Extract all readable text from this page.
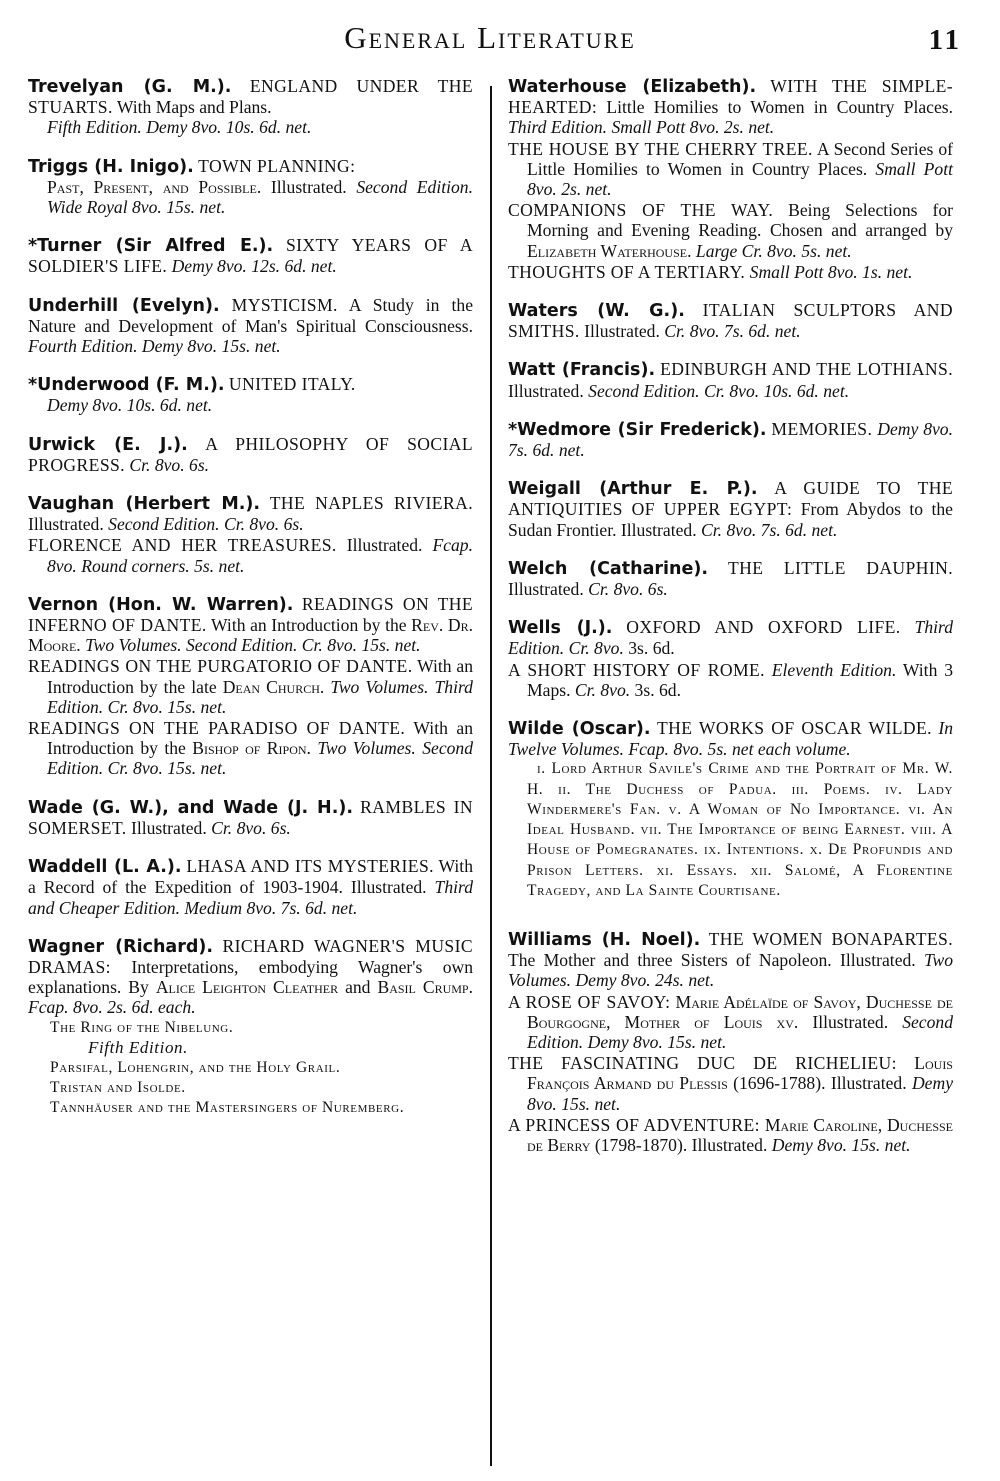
General Literature	11

Trevelyan (G. M.). ENGLAND UNDER THE STUARTS. With Maps and Plans.

Fifth Edition. Demy 8vo. 10s. 6d. net.

Triggs (H. Inigo). TOWN PLANNING:

Past, Present, and Possible. Illustrated. Second Edition. Wide Royal 8vo. 15s. net.

*Turner (Sir Alfred E.). SIXTY YEARS OF A SOLDIER'S LIFE. Demy 8vo. 12s. 6d. net.

Underhill (Evelyn). MYSTICISM. A Study in the Nature and Development of Man's Spiritual Consciousness. Fourth Edition. Demy 8vo. 15s. net.

*Underwood (F. M.). UNITED ITALY.

Demy 8vo. 10s. 6d. net.

Urwick (E. J.). A PHILOSOPHY OF SOCIAL PROGRESS. Cr. 8vo. 6s.

Vaughan (Herbert M.). THE NAPLES RIVIERA. Illustrated. Second Edition. Cr. 8vo. 6s.

FLORENCE AND HER TREASURES. Illustrated. Fcap. 8vo. Round corners. 5s. net.

Vernon (Hon. W. Warren). READINGS ON THE INFERNO OF DANTE. With an Introduction by the Rev. Dr. Moore. Two Volumes. Second Edition. Cr. 8vo. 15s. net.

READINGS ON THE PURGATORIO OF DANTE. With an Introduction by the late Dean Church. Two Volumes. Third Edition. Cr. 8vo. 15s. net.

READINGS ON THE PARADISO OF DANTE. With an Introduction by the Bishop of Ripon. Two Volumes. Second Edition. Cr. 8vo. 15s. net.

Wade (G. W.), and Wade (J. H.). RAMBLES IN SOMERSET. Illustrated. Cr. 8vo. 6s.

Waddell (L. A.). LHASA AND ITS MYSTERIES. With a Record of the Expedition of 1903-1904. Illustrated. Third and Cheaper Edition. Medium 8vo. 7s. 6d. net.

Wagner (Richard). RICHARD WAGNER'S MUSIC DRAMAS: Interpretations, embodying Wagner's own explanations. By Alice Leighton Cleather and Basil Crump. Fcap. 8vo. 2s. 6d. each.

The Ring of the Nibelung.

Fifth Edition.

Parsifal, Lohengrin, and the Holy Grail.

Tristan and Isolde.

Tannhäuser and the Mastersingers of Nuremberg.

Waterhouse (Elizabeth). WITH THE SIMPLE-HEARTED: Little Homilies to Women in Country Places. Third Edition. Small Pott 8vo. 2s. net.

THE HOUSE BY THE CHERRY TREE. A Second Series of Little Homilies to Women in Country Places. Small Pott 8vo. 2s. net.

COMPANIONS OF THE WAY. Being Selections for Morning and Evening Reading. Chosen and arranged by Elizabeth Waterhouse. Large Cr. 8vo. 5s. net.

THOUGHTS OF A TERTIARY. Small Pott 8vo. 1s. net.

Waters (W. G.). ITALIAN SCULPTORS AND SMITHS. Illustrated. Cr. 8vo. 7s. 6d. net.

Watt (Francis). EDINBURGH AND THE LOTHIANS. Illustrated. Second Edition. Cr. 8vo. 10s. 6d. net.

*Wedmore (Sir Frederick). MEMORIES. Demy 8vo. 7s. 6d. net.

Weigall (Arthur E. P.). A GUIDE TO THE ANTIQUITIES OF UPPER EGYPT: From Abydos to the Sudan Frontier. Illustrated. Cr. 8vo. 7s. 6d. net.

Welch (Catharine). THE LITTLE DAUPHIN. Illustrated. Cr. 8vo. 6s.

Wells (J.). OXFORD AND OXFORD LIFE. Third Edition. Cr. 8vo. 3s. 6d.

A SHORT HISTORY OF ROME. Eleventh Edition. With 3 Maps. Cr. 8vo. 3s. 6d.

Wilde (Oscar). THE WORKS OF OSCAR WILDE. In Twelve Volumes. Fcap. 8vo. 5s. net each volume.

i. Lord Arthur Savile's Crime and the Portrait of Mr. W. H. ii. The Duchess of Padua. iii. Poems. iv. Lady Windermere's Fan. v. A Woman of No Importance. vi. An Ideal Husband. vii. The Importance of being Earnest. viii. A House of Pomegranates. ix. Intentions. x. De Profundis and Prison Letters. xi. Essays. xii. Salomé, A Florentine Tragedy, and La Sainte Courtisane.

Williams (H. Noel). THE WOMEN BONAPARTES. The Mother and three Sisters of Napoleon. Illustrated. Two Volumes. Demy 8vo. 24s. net.

A ROSE OF SAVOY: Marie Adélaïde of Savoy, Duchesse de Bourgogne, Mother of Louis xv. Illustrated. Second Edition. Demy 8vo. 15s. net.

THE FASCINATING DUC DE RICHELIEU: Louis François Armand du Plessis (1696-1788). Illustrated. Demy 8vo. 15s. net.

A PRINCESS OF ADVENTURE: Marie Caroline, Duchesse de Berry (1798-1870). Illustrated. Demy 8vo. 15s. net.
